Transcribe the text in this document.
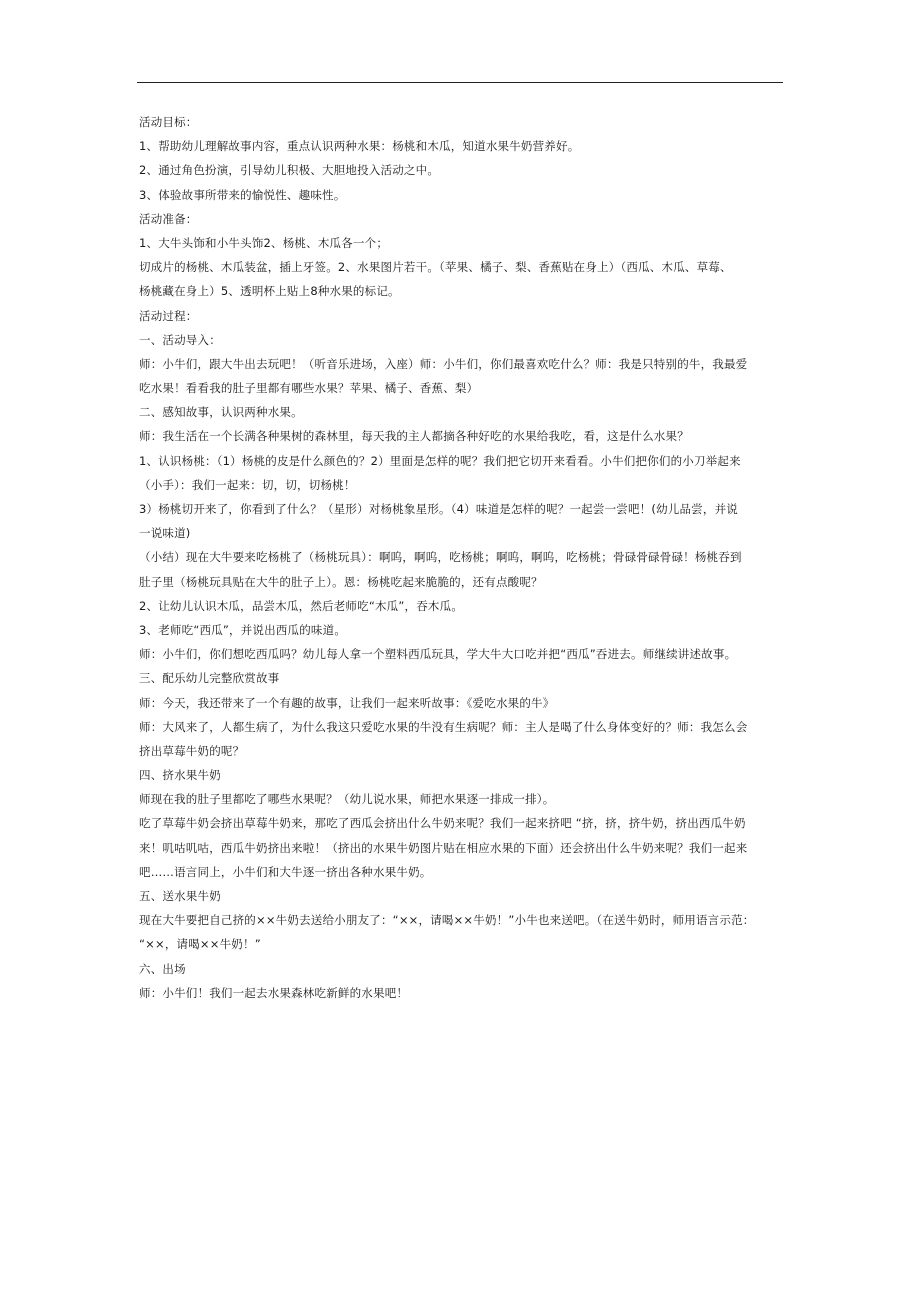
活动目标：
1、帮助幼儿理解故事内容，重点认识两种水果：杨桃和木瓜，知道水果牛奶营养好。
2、通过角色扮演，引导幼儿积极、大胆地投入活动之中。
3、体验故事所带来的愉悦性、趣味性。
活动准备：
1、大牛头饰和小牛头饰2、杨桃、木瓜各一个；
切成片的杨桃、木瓜装盆，插上牙签。2、水果图片若干。（苹果、橘子、梨、香蕉贴在身上）（西瓜、木瓜、草莓、
杨桃藏在身上）5、透明杯上贴上8种水果的标记。
活动过程：
一、活动导入：
师：小牛们，跟大牛出去玩吧！（听音乐进场，入座）师：小牛们，你们最喜欢吃什么？师：我是只特别的牛，我最爱
吃水果！看看我的肚子里都有哪些水果？苹果、橘子、香蕉、梨）
二、感知故事，认识两种水果。
师：我生活在一个长满各种果树的森林里，每天我的主人都摘各种好吃的水果给我吃，看，这是什么水果？
1、认识杨桃：（1）杨桃的皮是什么颜色的？2）里面是怎样的呢？我们把它切开来看看。小牛们把你们的小刀举起来
（小手）：我们一起来：切，切，切杨桃！
3）杨桃切开来了，你看到了什么？（星形）对杨桃象星形。（4）味道是怎样的呢？一起尝一尝吧！(幼儿品尝，并说
一说味道)
（小结）现在大牛要来吃杨桃了（杨桃玩具）：啊呜，啊呜，吃杨桃；啊呜，啊呜，吃杨桃；骨碌骨碌骨碌！杨桃吞到
肚子里（杨桃玩具贴在大牛的肚子上）。恩：杨桃吃起来脆脆的，还有点酸呢？
2、让幼儿认识木瓜，品尝木瓜，然后老师吃“木瓜”，吞木瓜。
3、老师吃“西瓜”，并说出西瓜的味道。
师：小牛们，你们想吃西瓜吗？幼儿每人拿一个塑料西瓜玩具，学大牛大口吃并把“西瓜”吞进去。师继续讲述故事。
三、配乐幼儿完整欣赏故事
师：今天，我还带来了一个有趣的故事，让我们一起来听故事：《爱吃水果的牛》
师：大风来了，人都生病了，为什么我这只爱吃水果的牛没有生病呢？师：主人是喝了什么身体变好的？师：我怎么会
挤出草莓牛奶的呢？
四、挤水果牛奶
师现在我的肚子里都吃了哪些水果呢？（幼儿说水果，师把水果逐一排成一排）。
吃了草莓牛奶会挤出草莓牛奶来，那吃了西瓜会挤出什么牛奶来呢？我们一起来挤吧 “挤，挤，挤牛奶，挤出西瓜牛奶
来！叽咕叽咕，西瓜牛奶挤出来啦！（挤出的水果牛奶图片贴在相应水果的下面）还会挤出什么牛奶来呢？我们一起来
吧……语言同上，小牛们和大牛逐一挤出各种水果牛奶。
五、送水果牛奶
现在大牛要把自己挤的××牛奶去送给小朋友了：“××，请喝××牛奶！”小牛也来送吧。（在送牛奶时，师用语言示范：
“××，请喝××牛奶！”
六、出场
师：小牛们！我们一起去水果森林吃新鲜的水果吧！
